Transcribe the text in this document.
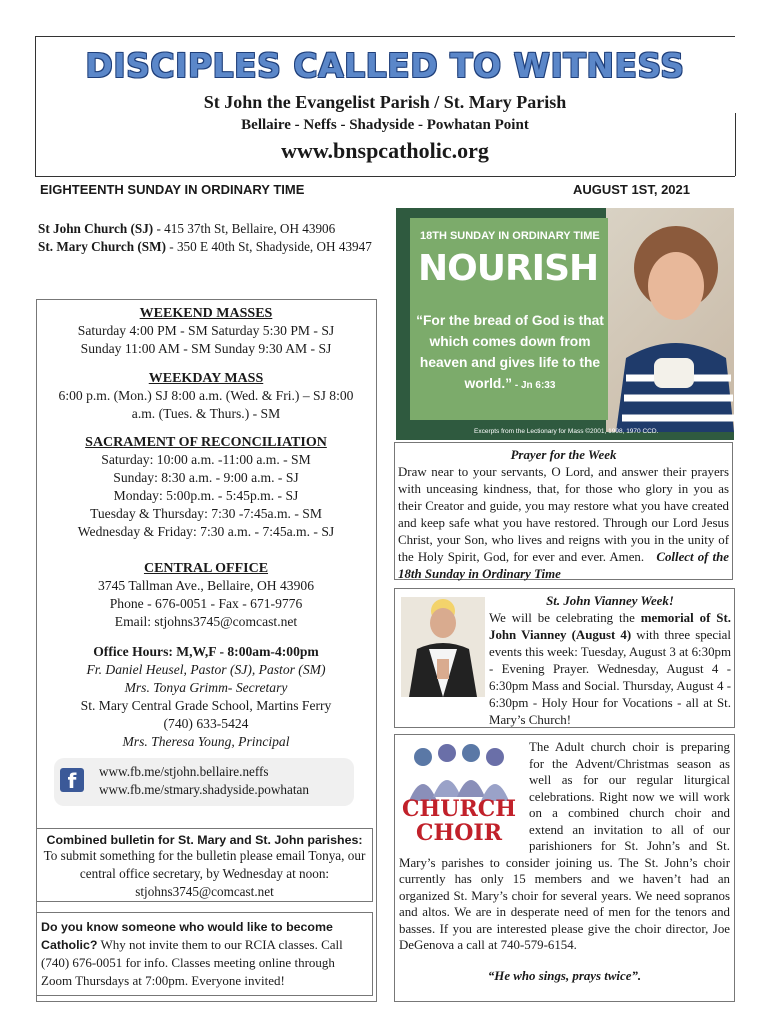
DISCIPLES CALLED TO WITNESS
St John the Evangelist Parish / St. Mary Parish
Bellaire - Neffs - Shadyside - Powhatan Point
www.bnspcatholic.org
EIGHTEENTH SUNDAY IN ORDINARY TIME	AUGUST 1ST, 2021
St John Church (SJ) - 415 37th St, Bellaire, OH 43906
St. Mary Church (SM) - 350 E 40th St, Shadyside, OH 43947
WEEKEND MASSES
Saturday 4:00 PM - SM Saturday 5:30 PM - SJ
Sunday 11:00 AM - SM Sunday 9:30 AM - SJ
WEEKDAY MASS
6:00 p.m. (Mon.) SJ 8:00 a.m. (Wed. & Fri.) – SJ 8:00
a.m. (Tues. & Thurs.) - SM
SACRAMENT OF RECONCILIATION
Saturday: 10:00 a.m. -11:00 a.m. - SM
Sunday: 8:30 a.m. - 9:00 a.m. - SJ
Monday: 5:00p.m. - 5:45p.m. - SJ
Tuesday & Thursday: 7:30 -7:45a.m. - SM
Wednesday & Friday: 7:30 a.m. - 7:45a.m. - SJ
CENTRAL OFFICE
3745 Tallman Ave., Bellaire, OH 43906
Phone - 676-0051 - Fax - 671-9776
Email: stjohns3745@comcast.net
Office Hours: M,W,F - 8:00am-4:00pm
Fr. Daniel Heusel, Pastor (SJ), Pastor (SM)
Mrs. Tonya Grimm- Secretary
St. Mary Central Grade School, Martins Ferry
(740) 633-5424
Mrs. Theresa Young, Principal
f	www.fb.me/stjohn.bellaire.neffs
www.fb.me/stmary.shadyside.powhatan
Combined bulletin for St. Mary and St. John parishes:
To submit something for the bulletin please email Tonya, our central office secretary, by Wednesday at noon: stjohns3745@comcast.net
Do you know someone who would like to become Catholic? Why not invite them to our RCIA classes. Call (740) 676-0051 for info. Classes meeting online through Zoom Thursdays at 7:00pm. Everyone invited!
18TH SUNDAY IN ORDINARY TIME
NOURISH
“For the bread of God is that which comes down from heaven and gives life to the world.” - Jn 6:33
Excerpts from the Lectionary for Mass ©2001, 1998, 1970 CCD.

Prayer for the Week

Draw near to your servants, O Lord, and answer their prayers with unceasing kindness, that, for those who glory in you as their Creator and guide, you may restore what you have created and keep safe what you have restored. Through our Lord Jesus Christ, your Son, who lives and reigns with you in the unity of the Holy Spirit, God, for ever and ever. Amen. Collect of the 18th Sunday in Ordinary Time

St. John Vianney Week!

We will be celebrating the memorial of St. John Vianney (August 4) with three special events this week: Tuesday, August 3 at 6:30pm - Evening Prayer. Wednesday, August 4 - 6:30pm Mass and Social. Thursday, August 4 - 6:30pm - Holy Hour for Vocations - all at St. Mary’s Church!

CHURCH
CHOIR

The Adult church choir is preparing for the Advent/Christmas season as well as for our regular liturgical celebrations. Right now we will work on a combined church choir and extend an invitation to all of our parishioners for St. John’s and St. Mary’s parishes to consider joining us. The St. John’s choir currently has only 15 members and we haven’t had an organized St. Mary’s choir for several years. We need sopranos and altos. We are in desperate need of men for the tenors and basses. If you are interested please give the choir director, Joe DeGenova a call at 740-579-6154.

“He who sings, prays twice”.
